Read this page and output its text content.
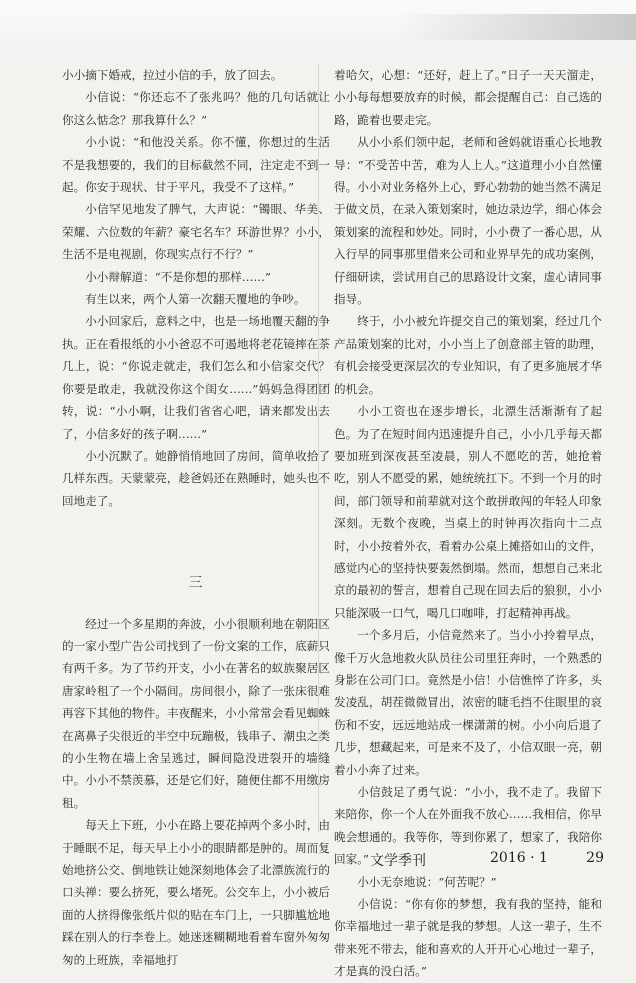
小小摘下婚戒，拉过小信的手，放了回去。

小信说：“你还忘不了张兆吗？他的几句话就让你这么惦念？那我算什么？”

小小说：“和他没关系。你不懂，你想过的生活不是我想要的，我们的目标截然不同，注定走不到一起。你安于现状、甘于平凡，我受不了这样。”

小信罕见地发了脾气，大声说：“镯眼、华美、荣耀、六位数的年薪？豪宅名车？环游世界？小小，生活不是电视剧，你现实点行不行？”

小小辩解道：“不是你想的那样……”

有生以来，两个人第一次翻天覆地的争吵。

小小回家后，意料之中，也是一场地覆天翻的争执。正在看报纸的小小爸忍不可遏地将老花镜摔在茶几上，说：“你说走就走，我们怎么和小信家交代？你要是敢走，我就没你这个闺女……”妈妈急得团团转，说：“小小啊，让我们省省心吧，请来都发出去了，小信多好的孩子啊……”

小小沉默了。她静悄悄地回了房间，简单收拾了几样东西。天蒙蒙亮，趁爸妈还在熟睡时，她头也不回地走了。

三

经过一个多星期的奔波，小小很顺利地在朝阳区的一家小型广告公司找到了一份文案的工作，底薪只有两千多。为了节约开支，小小在著名的蚁族聚居区唐家岭租了一个小隔间。房间很小，除了一张床很难再容下其他的物件。丰夜醒来，小小常常会看见蜘蛛在离鼻子尖很近的半空中玩蹦极，钱串子、潮虫之类的小生物在墙上舍呈逃过，瞬间隐没进裂开的墙缝中。小小不禁羡慕，还是它们好，随便住都不用缴房租。

每天上下班，小小在路上要花掉两个多小时，由于睡眠不足，每天早上小小的眼睛都是肿的。周而复始地挤公交、倒地铁让她深刻地体会了北漂族流行的口头禅：要么挤死，要么堵死。公交车上，小小被后面的人挤得像张纸片似的贴在车门上，一只脚尴尬地踩在别人的行李卷上。她迷迷糊糊地看着车窗外匆匆匆的上班族，幸福地打

着哈欠，心想：“还好，赶上了。”日子一天天溜走，小小每每想要放弃的时候，都会提醒自己：自己选的路，跪着也要走完。

从小小系们领中起，老师和爸妈就语重心长地教导：“不受苦中苦，难为人上人。”这道理小小自然懂得。小小对业务格外上心，野心勃勃的她当然不满足于做文员，在录入策划案时，她边录边学，细心体会策划案的流程和妙处。同时，小小费了一番心思，从入行早的同事那里借来公司和业界早先的成功案例，仔细研读，尝试用自己的思路设计文案，虚心请同事指导。

终于，小小被允许提交自己的策划案，经过几个产品策划案的比对，小小当上了创意部主管的助理，有机会接受更深层次的专业知识，有了更多施展才华的机会。

小小工资也在逐步增长，北漂生活渐渐有了起色。为了在短时间内迅速提升自己，小小几乎每天都要加班到深夜甚至凌晨，别人不愿吃的苦，她抢着吃，别人不愿受的累，她统统扛下。不到一个月的时间，部门领导和前辈就对这个敢拼敢闯的年轻人印象深刻。无数个夜晚，当桌上的时钟再次指向十二点时，小小按着外衣，看着办公桌上摊搭如山的文件，感觉内心的坚持快要轰然倒塌。然而，想想自己来北京的最初的誓言，想着自己现在回去后的狼狈，小小只能深吸一口气，喝几口咖啡，打起精神再战。

一个多月后，小信竟然来了。当小小拎着早点，像千万火急地救火队员往公司里狂奔时，一个熟悉的身影在公司门口。竟然是小信！小信憔悴了许多，头发凌乱，胡茬微微冒出，浓密的睫毛挡不住眼里的哀伤和不安，远远地站成一棵潇萧的树。小小向后退了几步，想藏起来，可是来不及了，小信双眼一亮，朝着小小奔了过来。

小信鼓足了勇气说：“小小，我不走了。我留下来陪你，你一个人在外面我不放心……我相信，你早晚会想通的。我等你，等到你累了，想家了，我陪你回家。”

小小无奈地说：“何苦呢？”

小信说：“你有你的梦想，我有我的坚持，能和你幸福地过一辈子就是我的梦想。人这一辈子，生不带来死不带去，能和喜欢的人开开心心地过一辈子，才是真的没白活。”

文学季刊	2016 · 1	29
